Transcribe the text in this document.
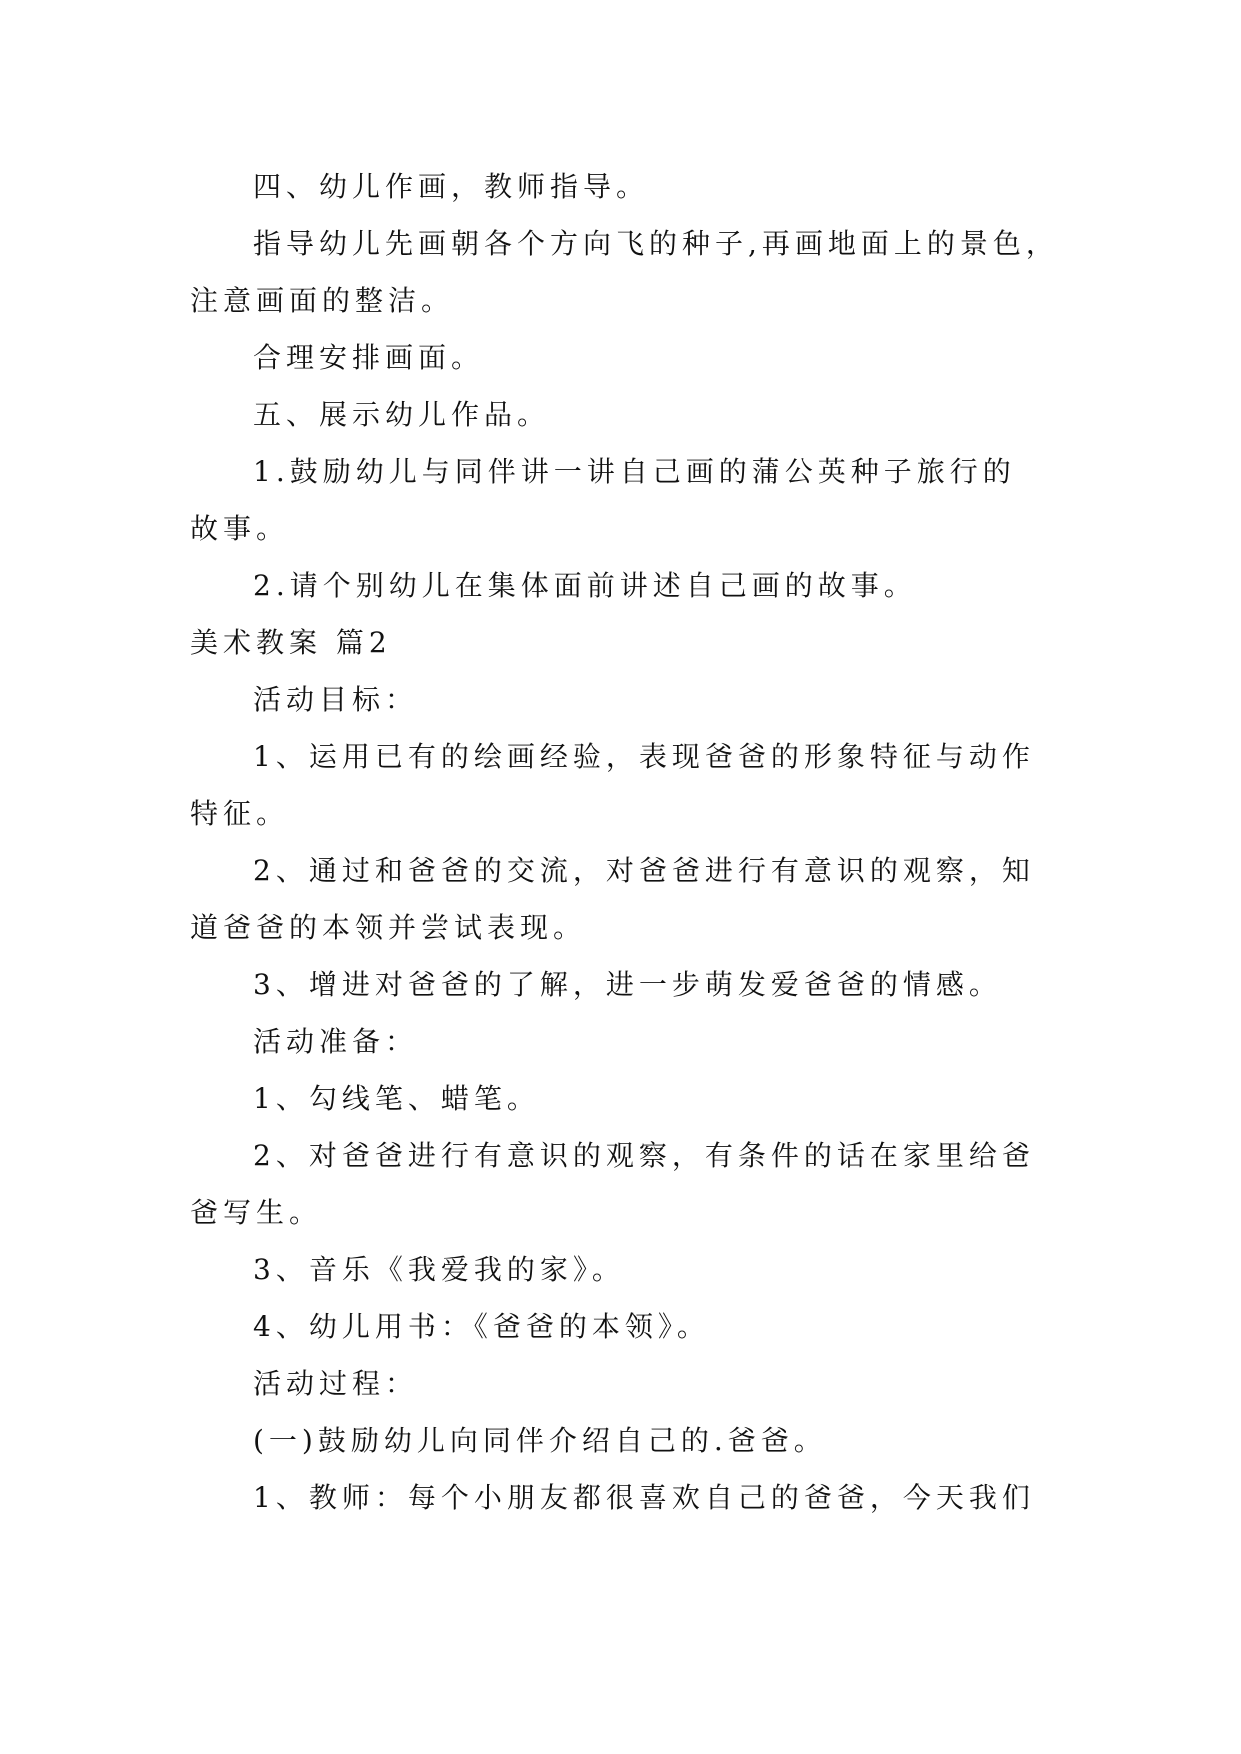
四、幼儿作画，教师指导。
指导幼儿先画朝各个方向飞的种子,再画地面上的景色，
注意画面的整洁。
合理安排画面。
五、展示幼儿作品。
1.鼓励幼儿与同伴讲一讲自己画的蒲公英种子旅行的
故事。
2.请个别幼儿在集体面前讲述自己画的故事。
美术教案 篇2
活动目标：
1、运用已有的绘画经验，表现爸爸的形象特征与动作
特征。
2、通过和爸爸的交流，对爸爸进行有意识的观察，知
道爸爸的本领并尝试表现。
3、增进对爸爸的了解，进一步萌发爱爸爸的情感。
活动准备：
1、勾线笔、蜡笔。
2、对爸爸进行有意识的观察，有条件的话在家里给爸
爸写生。
3、音乐《我爱我的家》。
4、幼儿用书：《爸爸的本领》。
活动过程：
(一)鼓励幼儿向同伴介绍自己的.爸爸。
1、教师：每个小朋友都很喜欢自己的爸爸，今天我们
